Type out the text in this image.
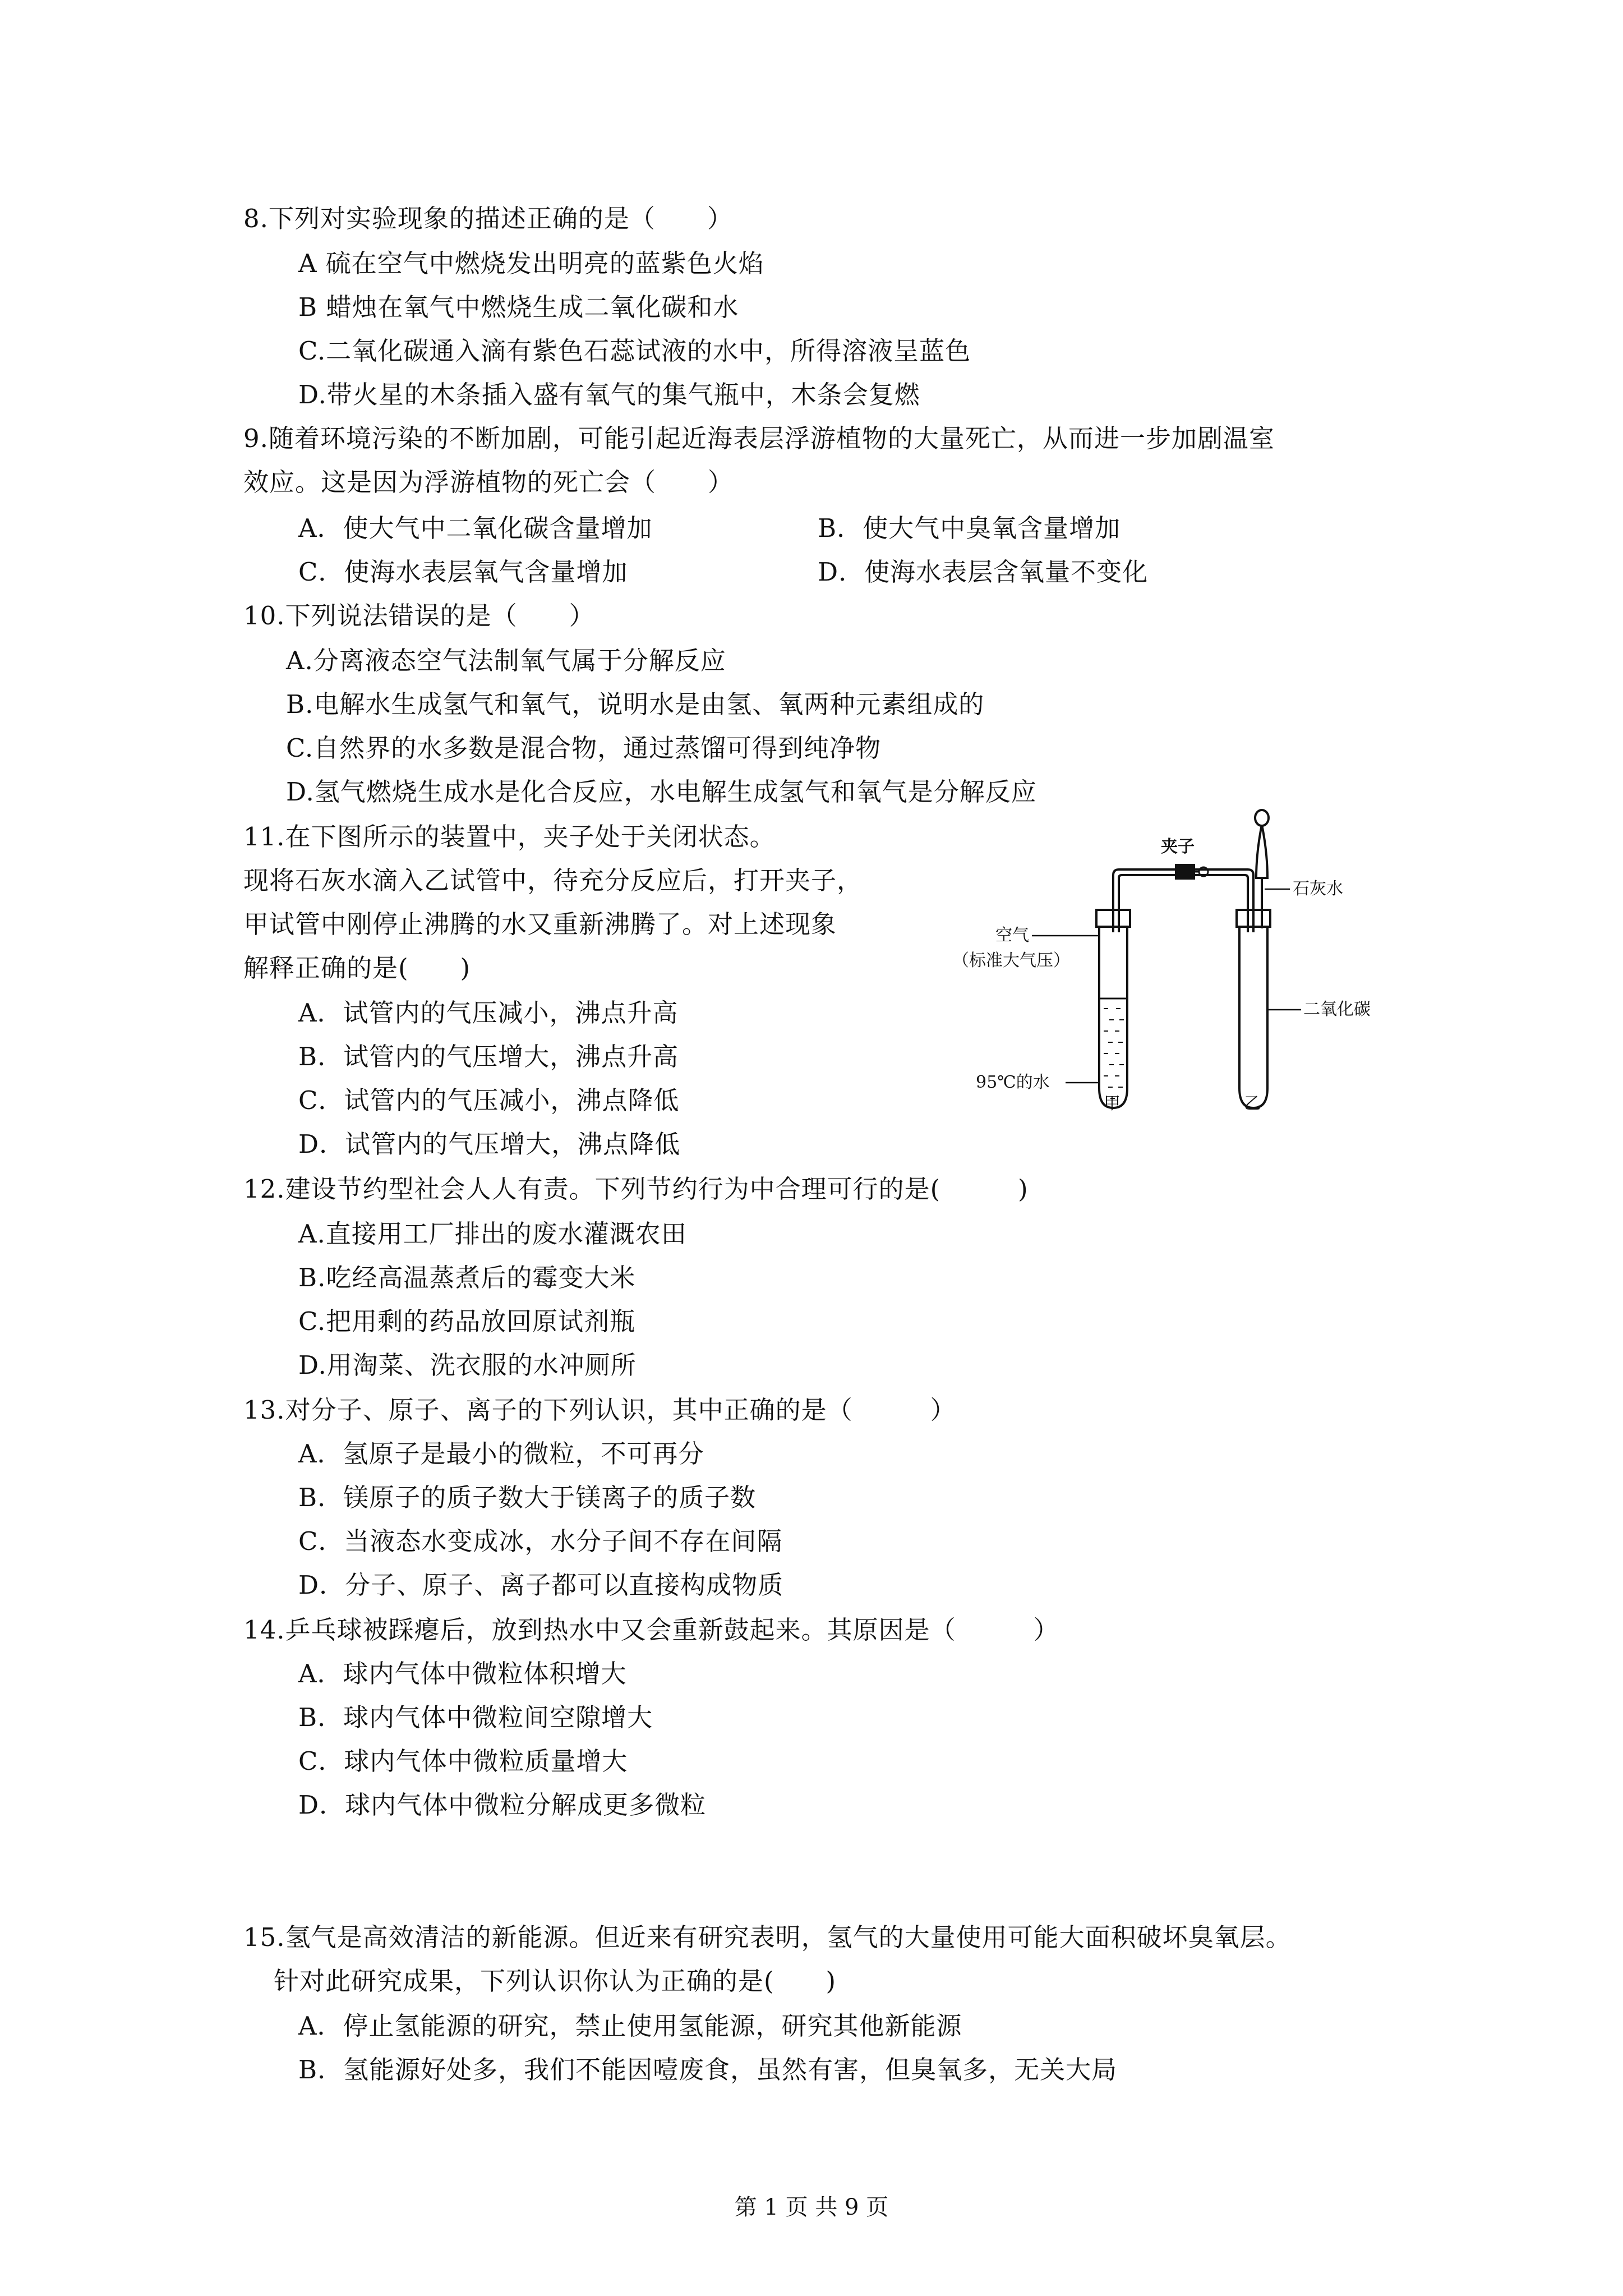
8.下列对实验现象的描述正确的是（　　）
A 硫在空气中燃烧发出明亮的蓝紫色火焰
B 蜡烛在氧气中燃烧生成二氧化碳和水
C.二氧化碳通入滴有紫色石蕊试液的水中，所得溶液呈蓝色
D.带火星的木条插入盛有氧气的集气瓶中，木条会复燃
9.随着环境污染的不断加剧，可能引起近海表层浮游植物的大量死亡，从而进一步加剧温室
效应。这是因为浮游植物的死亡会（　　）
A．使大气中二氧化碳含量增加	B．使大气中臭氧含量增加
C．使海水表层氧气含量增加	D．使海水表层含氧量不变化
10.下列说法错误的是（　　）
A.分离液态空气法制氧气属于分解反应
B.电解水生成氢气和氧气，说明水是由氢、氧两种元素组成的
C.自然界的水多数是混合物，通过蒸馏可得到纯净物
D.氢气燃烧生成水是化合反应，水电解生成氢气和氧气是分解反应
11.在下图所示的装置中，夹子处于关闭状态。
现将石灰水滴入乙试管中，待充分反应后，打开夹子，
甲试管中刚停止沸腾的水又重新沸腾了。对上述现象
解释正确的是(　　)
A．试管内的气压减小，沸点升高
B．试管内的气压增大，沸点升高
C．试管内的气压减小，沸点降低
D．试管内的气压增大，沸点降低
夹子
石灰水
空气
（标准大气压）
二氧化碳
95℃的水
甲	乙
12.建设节约型社会人人有责。下列节约行为中合理可行的是(　　　)
A.直接用工厂排出的废水灌溉农田
B.吃经高温蒸煮后的霉变大米
C.把用剩的药品放回原试剂瓶
D.用淘菜、洗衣服的水冲厕所
13.对分子、原子、离子的下列认识，其中正确的是（　　　）
A．氢原子是最小的微粒，不可再分
B．镁原子的质子数大于镁离子的质子数
C．当液态水变成冰，水分子间不存在间隔
D．分子、原子、离子都可以直接构成物质
14.乒乓球被踩瘪后，放到热水中又会重新鼓起来。其原因是（　　　）
A．球内气体中微粒体积增大
B．球内气体中微粒间空隙增大
C．球内气体中微粒质量增大
D．球内气体中微粒分解成更多微粒
15.氢气是高效清洁的新能源。但近来有研究表明，氢气的大量使用可能大面积破坏臭氧层。
针对此研究成果，下列认识你认为正确的是(　　)
A．停止氢能源的研究，禁止使用氢能源，研究其他新能源
B．氢能源好处多，我们不能因噎废食，虽然有害，但臭氧多，无关大局
第 1 页 共 9 页
